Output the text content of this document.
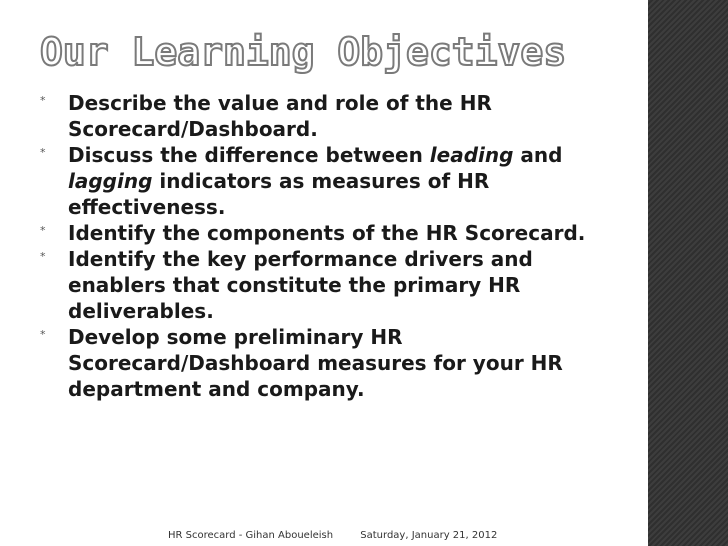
Our Learning Objectives
* Describe the value and role of the HR Scorecard/Dashboard.
* Discuss the difference between leading and lagging indicators as measures of HR effectiveness.
* Identify the components of the HR Scorecard.
* Identify the key performance drivers and enablers that constitute the primary HR deliverables.
* Develop some preliminary HR Scorecard/Dashboard measures for your HR department and company.
HR Scorecard - Gihan Aboueleish	Saturday, January 21, 2012
